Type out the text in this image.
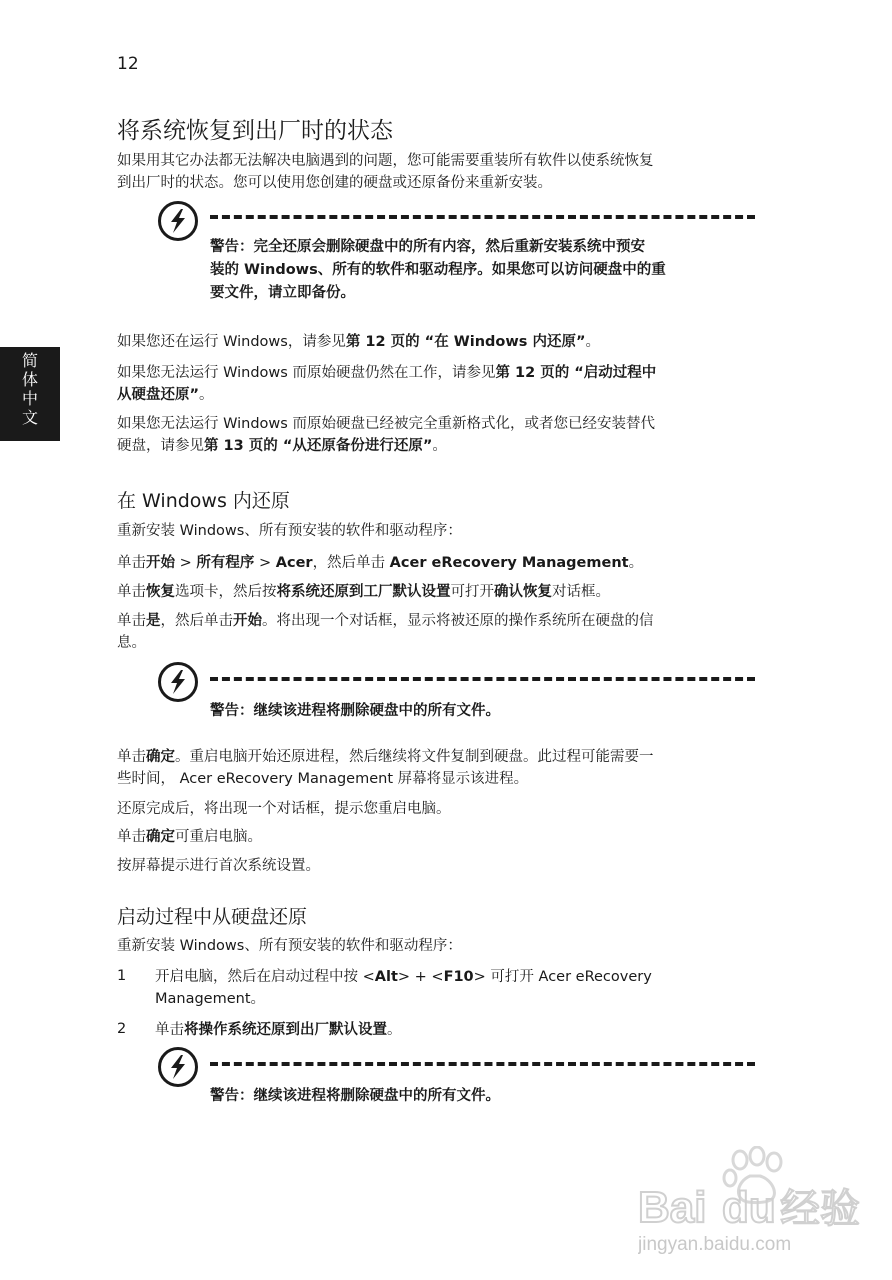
12
简
体
中
文
将系统恢复到出厂时的状态
如果用其它办法都无法解决电脑遇到的问题，您可能需要重装所有软件以使系统恢复
到出厂时的状态。您可以使用您创建的硬盘或还原备份来重新安装。
警告：完全还原会删除硬盘中的所有内容，然后重新安装系统中预安
装的 Windows、所有的软件和驱动程序。如果您可以访问硬盘中的重
要文件，请立即备份。
如果您还在运行 Windows，请参见第 12 页的 “在 Windows 内还原”。
如果您无法运行 Windows 而原始硬盘仍然在工作，请参见第 12 页的 “启动过程中
从硬盘还原”。
如果您无法运行 Windows 而原始硬盘已经被完全重新格式化，或者您已经安装替代
硬盘，请参见第 13 页的 “从还原备份进行还原”。
在 Windows 内还原
重新安装 Windows、所有预安装的软件和驱动程序：
单击开始 > 所有程序 > Acer，然后单击 Acer eRecovery Management。
单击恢复选项卡，然后按将系统还原到工厂默认设置可打开确认恢复对话框。
单击是，然后单击开始。将出现一个对话框，显示将被还原的操作系统所在硬盘的信
息。
警告：继续该进程将删除硬盘中的所有文件。
单击确定。重启电脑开始还原进程，然后继续将文件复制到硬盘。此过程可能需要一
些时间， Acer eRecovery Management 屏幕将显示该进程。
还原完成后，将出现一个对话框，提示您重启电脑。
单击确定可重启电脑。
按屏幕提示进行首次系统设置。
启动过程中从硬盘还原
重新安装 Windows、所有预安装的软件和驱动程序：
1 开启电脑，然后在启动过程中按 <Alt> + <F10> 可打开 Acer eRecovery
Management。
2 单击将操作系统还原到出厂默认设置。
警告：继续该进程将删除硬盘中的所有文件。
Bai du 经验
jingyan.baidu.com
